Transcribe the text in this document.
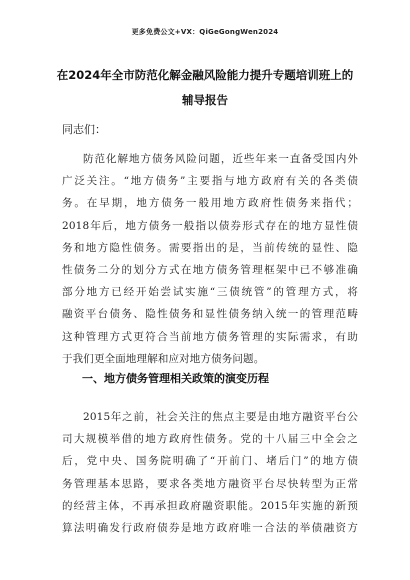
更多免费公文+VX：QiGeGongWen2024
在2024年全市防范化解金融风险能力提升专题培训班上的
辅导报告
同志们：
防范化解地方债务风险问题，近些年来一直备受国内外
广泛关注。“地方债务”主要指与地方政府有关的各类债
务。在早期，地方债务一般用地方政府性债务来指代；
2018年后，地方债务一般指以债券形式存在的地方显性债
务和地方隐性债务。需要指出的是，当前传统的显性、隐
性债务二分的划分方式在地方债务管理框架中已不够准确
部分地方已经开始尝试实施“三债统管”的管理方式，将
融资平台债务、隐性债务和显性债务纳入统一的管理范畴
这种管理方式更符合当前地方债务管理的实际需求，有助
于我们更全面地理解和应对地方债务问题。
一、地方债务管理相关政策的演变历程
2015年之前，社会关注的焦点主要是由地方融资平台公
司大规模举借的地方政府性债务。党的十八届三中全会之
后，党中央、国务院明确了“开前门、堵后门”的地方债
务管理基本思路，要求各类地方融资平台尽快转型为正常
的经营主体，不再承担政府融资职能。2015年实施的新预
算法明确发行政府债券是地方政府唯一合法的举债融资方
